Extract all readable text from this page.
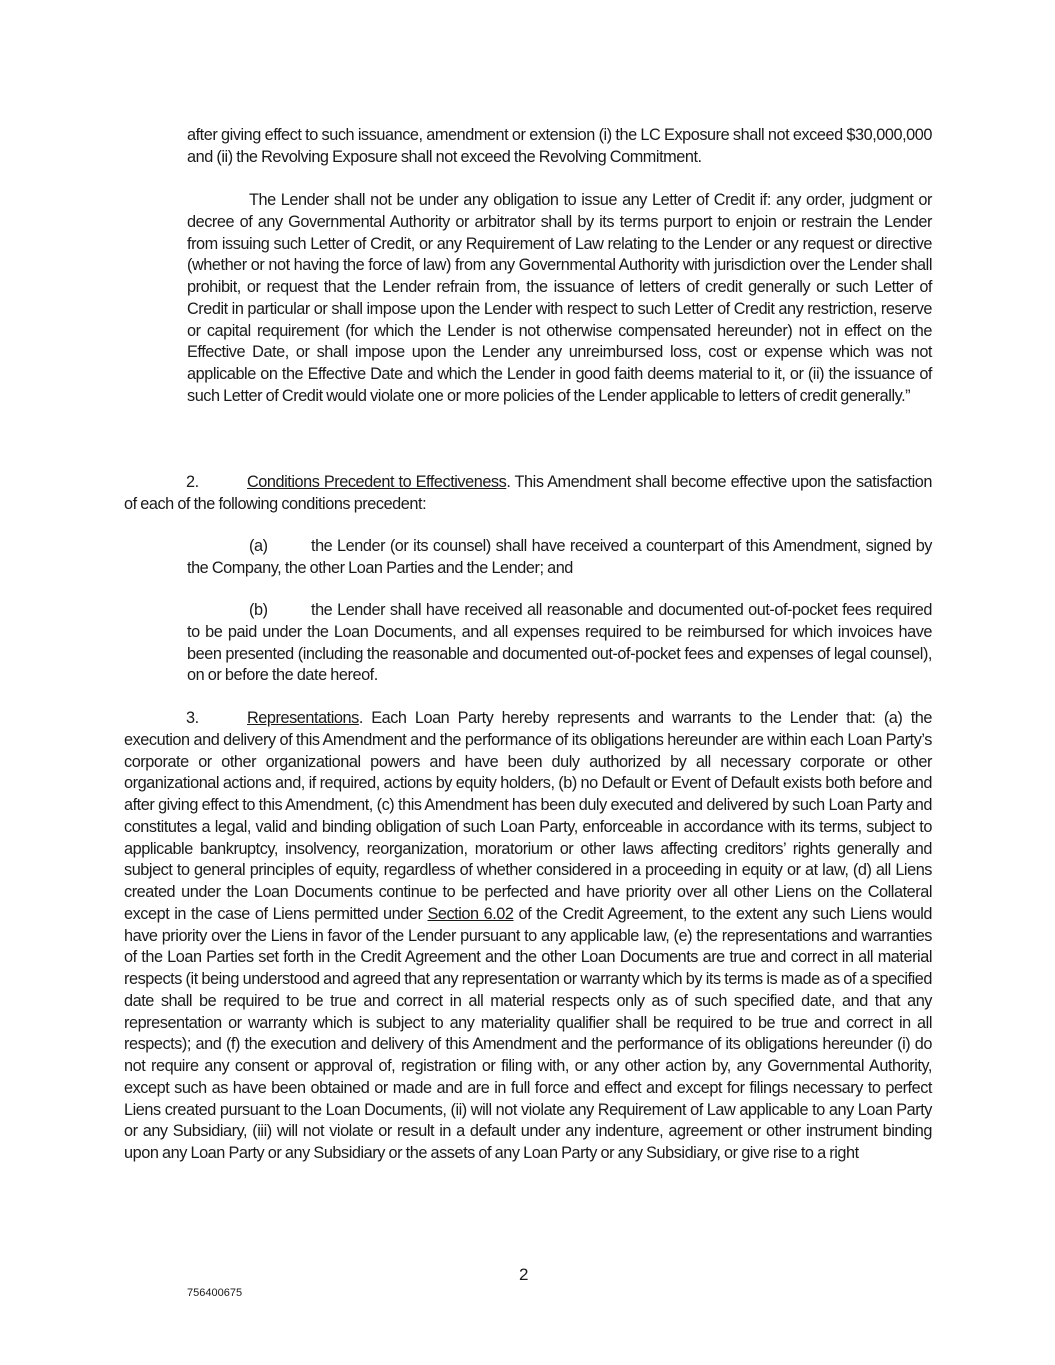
after giving effect to such issuance, amendment or extension (i) the LC Exposure shall not exceed $30,000,000 and (ii) the Revolving Exposure shall not exceed the Revolving Commitment.
The Lender shall not be under any obligation to issue any Letter of Credit if: any order, judgment or decree of any Governmental Authority or arbitrator shall by its terms purport to enjoin or restrain the Lender from issuing such Letter of Credit, or any Requirement of Law relating to the Lender or any request or directive (whether or not having the force of law) from any Governmental Authority with jurisdiction over the Lender shall prohibit, or request that the Lender refrain from, the issuance of letters of credit generally or such Letter of Credit in particular or shall impose upon the Lender with respect to such Letter of Credit any restriction, reserve or capital requirement (for which the Lender is not otherwise compensated hereunder) not in effect on the Effective Date, or shall impose upon the Lender any unreimbursed loss, cost or expense which was not applicable on the Effective Date and which the Lender in good faith deems material to it, or (ii) the issuance of such Letter of Credit would violate one or more policies of the Lender applicable to letters of credit generally.”
2.	Conditions Precedent to Effectiveness. This Amendment shall become effective upon the satisfaction of each of the following conditions precedent:
(a)	the Lender (or its counsel) shall have received a counterpart of this Amendment, signed by the Company, the other Loan Parties and the Lender; and
(b)	the Lender shall have received all reasonable and documented out-of-pocket fees required to be paid under the Loan Documents, and all expenses required to be reimbursed for which invoices have been presented (including the reasonable and documented out-of-pocket fees and expenses of legal counsel), on or before the date hereof.
3.	Representations. Each Loan Party hereby represents and warrants to the Lender that: (a) the execution and delivery of this Amendment and the performance of its obligations hereunder are within each Loan Party’s corporate or other organizational powers and have been duly authorized by all necessary corporate or other organizational actions and, if required, actions by equity holders, (b) no Default or Event of Default exists both before and after giving effect to this Amendment, (c) this Amendment has been duly executed and delivered by such Loan Party and constitutes a legal, valid and binding obligation of such Loan Party, enforceable in accordance with its terms, subject to applicable bankruptcy, insolvency, reorganization, moratorium or other laws affecting creditors’ rights generally and subject to general principles of equity, regardless of whether considered in a proceeding in equity or at law, (d) all Liens created under the Loan Documents continue to be perfected and have priority over all other Liens on the Collateral except in the case of Liens permitted under Section 6.02 of the Credit Agreement, to the extent any such Liens would have priority over the Liens in favor of the Lender pursuant to any applicable law, (e) the representations and warranties of the Loan Parties set forth in the Credit Agreement and the other Loan Documents are true and correct in all material respects (it being understood and agreed that any representation or warranty which by its terms is made as of a specified date shall be required to be true and correct in all material respects only as of such specified date, and that any representation or warranty which is subject to any materiality qualifier shall be required to be true and correct in all respects); and (f) the execution and delivery of this Amendment and the performance of its obligations hereunder (i) do not require any consent or approval of, registration or filing with, or any other action by, any Governmental Authority, except such as have been obtained or made and are in full force and effect and except for filings necessary to perfect Liens created pursuant to the Loan Documents, (ii) will not violate any Requirement of Law applicable to any Loan Party or any Subsidiary, (iii) will not violate or result in a default under any indenture, agreement or other instrument binding upon any Loan Party or any Subsidiary or the assets of any Loan Party or any Subsidiary, or give rise to a right
2
756400675
